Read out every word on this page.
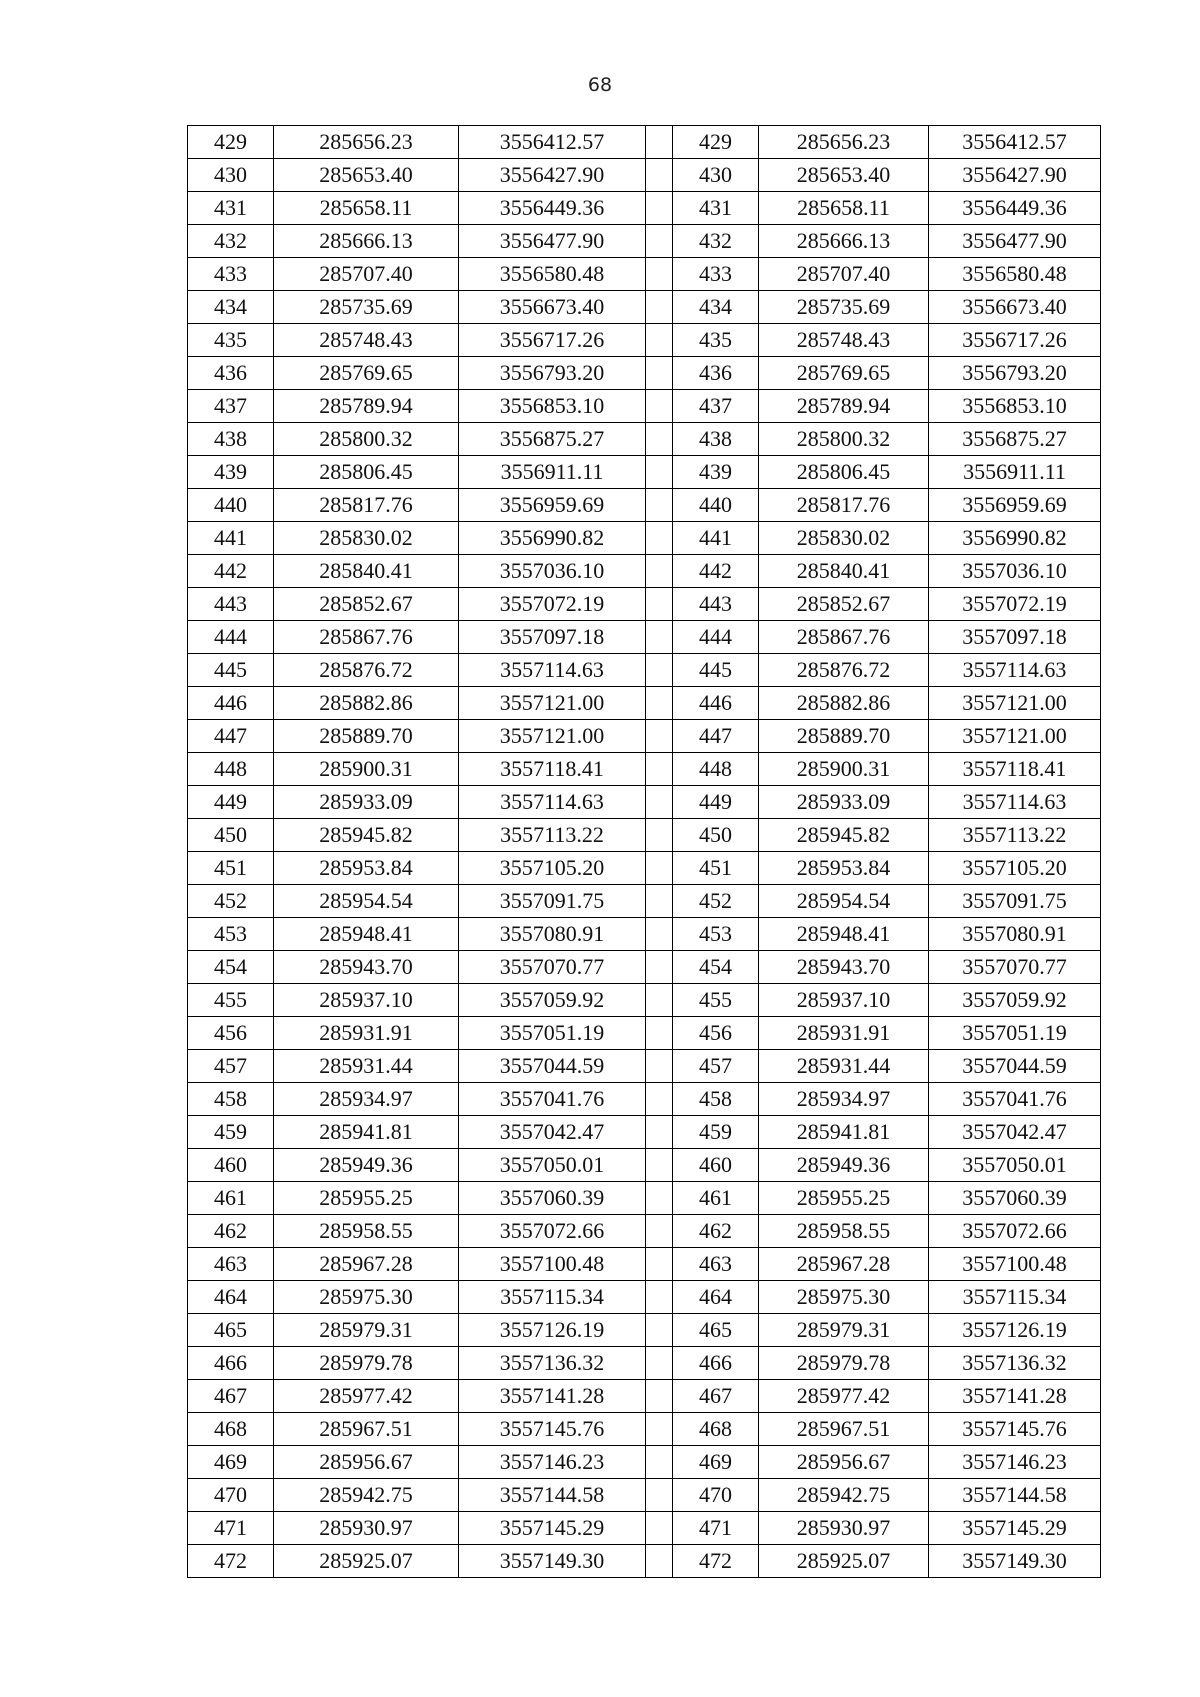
68
429	285656.23	3556412.57		429	285656.23	3556412.57
430	285653.40	3556427.90		430	285653.40	3556427.90
431	285658.11	3556449.36		431	285658.11	3556449.36
432	285666.13	3556477.90		432	285666.13	3556477.90
433	285707.40	3556580.48		433	285707.40	3556580.48
434	285735.69	3556673.40		434	285735.69	3556673.40
435	285748.43	3556717.26		435	285748.43	3556717.26
436	285769.65	3556793.20		436	285769.65	3556793.20
437	285789.94	3556853.10		437	285789.94	3556853.10
438	285800.32	3556875.27		438	285800.32	3556875.27
439	285806.45	3556911.11		439	285806.45	3556911.11
440	285817.76	3556959.69		440	285817.76	3556959.69
441	285830.02	3556990.82		441	285830.02	3556990.82
442	285840.41	3557036.10		442	285840.41	3557036.10
443	285852.67	3557072.19		443	285852.67	3557072.19
444	285867.76	3557097.18		444	285867.76	3557097.18
445	285876.72	3557114.63		445	285876.72	3557114.63
446	285882.86	3557121.00		446	285882.86	3557121.00
447	285889.70	3557121.00		447	285889.70	3557121.00
448	285900.31	3557118.41		448	285900.31	3557118.41
449	285933.09	3557114.63		449	285933.09	3557114.63
450	285945.82	3557113.22		450	285945.82	3557113.22
451	285953.84	3557105.20		451	285953.84	3557105.20
452	285954.54	3557091.75		452	285954.54	3557091.75
453	285948.41	3557080.91		453	285948.41	3557080.91
454	285943.70	3557070.77		454	285943.70	3557070.77
455	285937.10	3557059.92		455	285937.10	3557059.92
456	285931.91	3557051.19		456	285931.91	3557051.19
457	285931.44	3557044.59		457	285931.44	3557044.59
458	285934.97	3557041.76		458	285934.97	3557041.76
459	285941.81	3557042.47		459	285941.81	3557042.47
460	285949.36	3557050.01		460	285949.36	3557050.01
461	285955.25	3557060.39		461	285955.25	3557060.39
462	285958.55	3557072.66		462	285958.55	3557072.66
463	285967.28	3557100.48		463	285967.28	3557100.48
464	285975.30	3557115.34		464	285975.30	3557115.34
465	285979.31	3557126.19		465	285979.31	3557126.19
466	285979.78	3557136.32		466	285979.78	3557136.32
467	285977.42	3557141.28		467	285977.42	3557141.28
468	285967.51	3557145.76		468	285967.51	3557145.76
469	285956.67	3557146.23		469	285956.67	3557146.23
470	285942.75	3557144.58		470	285942.75	3557144.58
471	285930.97	3557145.29		471	285930.97	3557145.29
472	285925.07	3557149.30		472	285925.07	3557149.30
